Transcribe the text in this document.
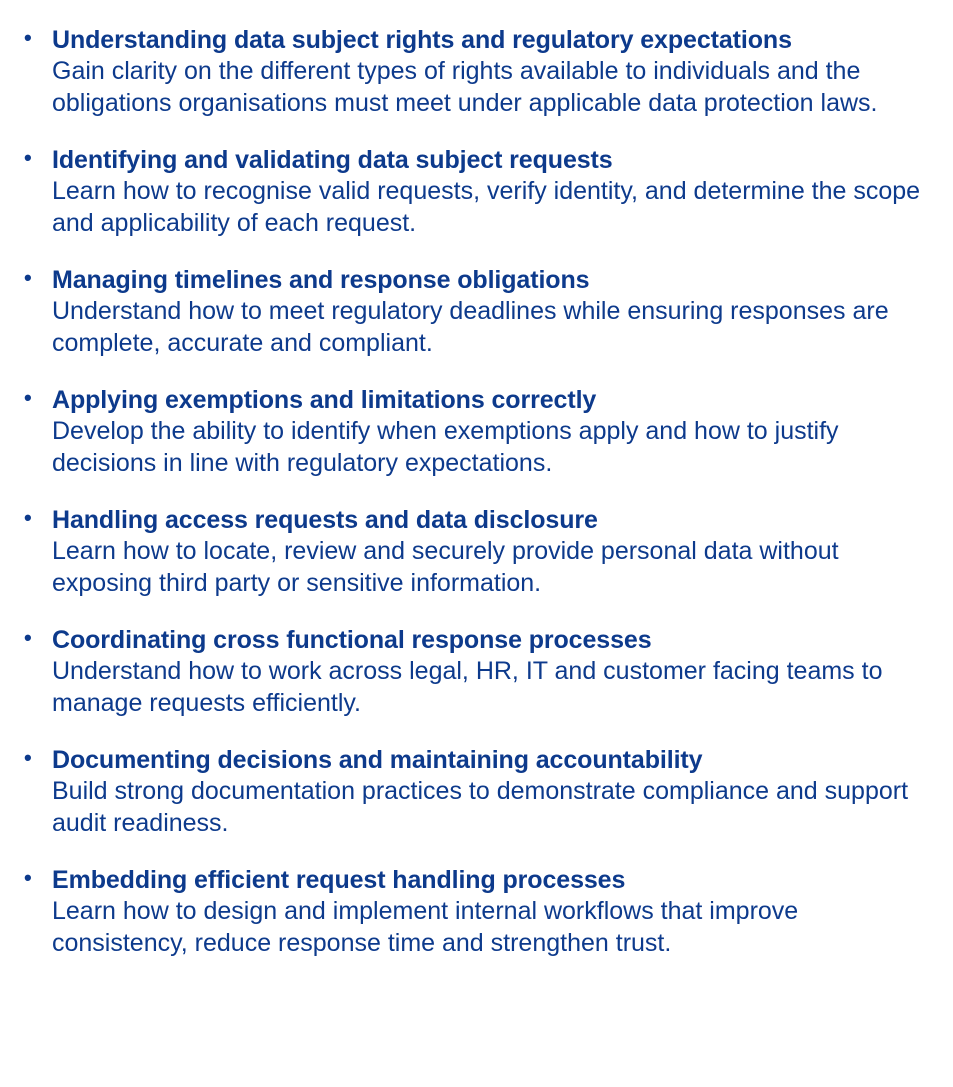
• Understanding data subject rights and regulatory expectations
Gain clarity on the different types of rights available to individuals and the obligations organisations must meet under applicable data protection laws.
• Identifying and validating data subject requests
Learn how to recognise valid requests, verify identity, and determine the scope and applicability of each request.
• Managing timelines and response obligations
Understand how to meet regulatory deadlines while ensuring responses are complete, accurate and compliant.
• Applying exemptions and limitations correctly
Develop the ability to identify when exemptions apply and how to justify decisions in line with regulatory expectations.
• Handling access requests and data disclosure
Learn how to locate, review and securely provide personal data without exposing third party or sensitive information.
• Coordinating cross functional response processes
Understand how to work across legal, HR, IT and customer facing teams to manage requests efficiently.
• Documenting decisions and maintaining accountability
Build strong documentation practices to demonstrate compliance and support audit readiness.
• Embedding efficient request handling processes
Learn how to design and implement internal workflows that improve consistency, reduce response time and strengthen trust.
